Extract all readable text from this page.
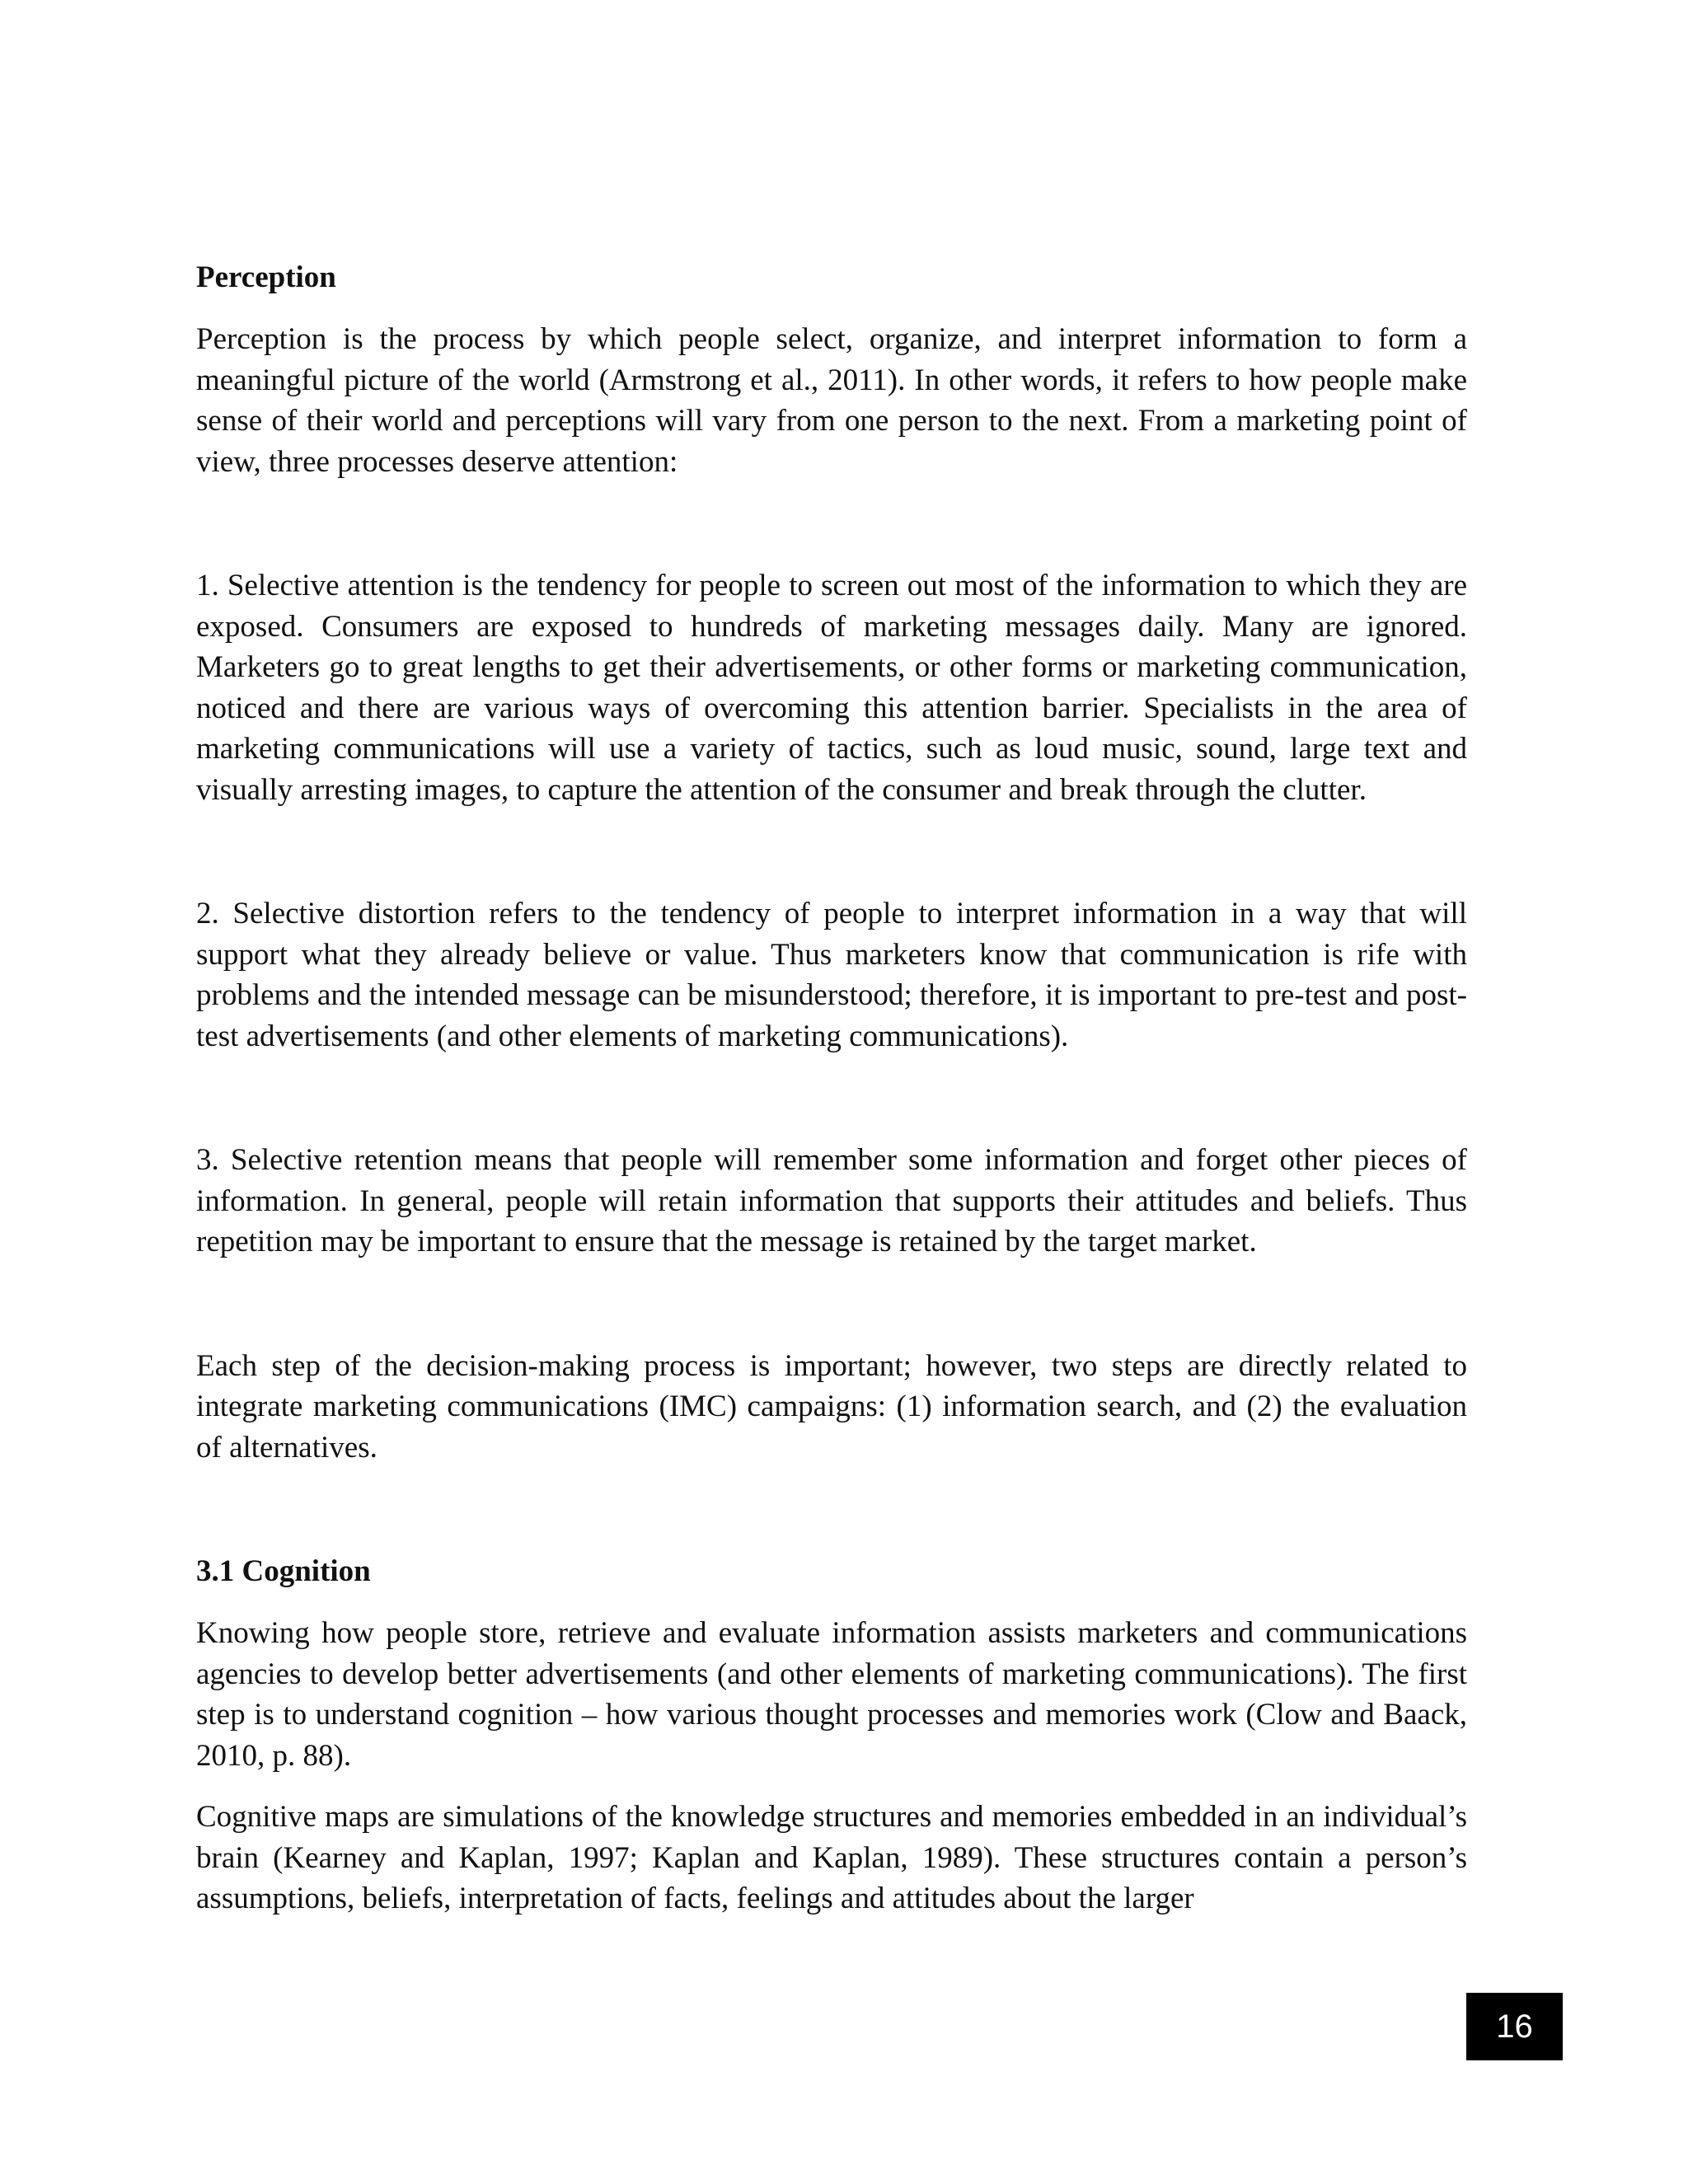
Perception

Perception is the process by which people select, organize, and interpret information to form a meaningful picture of the world (Armstrong et al., 2011). In other words, it refers to how people make sense of their world and perceptions will vary from one person to the next. From a marketing point of view, three processes deserve attention:

1. Selective attention is the tendency for people to screen out most of the information to which they are exposed. Consumers are exposed to hundreds of marketing messages daily. Many are ignored. Marketers go to great lengths to get their advertisements, or other forms or marketing communication, noticed and there are various ways of overcoming this attention barrier. Specialists in the area of marketing communications will use a variety of tactics, such as loud music, sound, large text and visually arresting images, to capture the attention of the consumer and break through the clutter.

2. Selective distortion refers to the tendency of people to interpret information in a way that will support what they already believe or value. Thus marketers know that communication is rife with problems and the intended message can be misunderstood; therefore, it is important to pre-test and post-test advertisements (and other elements of marketing communications).

3. Selective retention means that people will remember some information and forget other pieces of information. In general, people will retain information that supports their attitudes and beliefs. Thus repetition may be important to ensure that the message is retained by the target market.

Each step of the decision-making process is important; however, two steps are directly related to integrate marketing communications (IMC) campaigns: (1) information search, and (2) the evaluation of alternatives.

3.1 Cognition

Knowing how people store, retrieve and evaluate information assists marketers and communications agencies to develop better advertisements (and other elements of marketing communications). The first step is to understand cognition – how various thought processes and memories work (Clow and Baack, 2010, p. 88).

Cognitive maps are simulations of the knowledge structures and memories embedded in an individual’s brain (Kearney and Kaplan, 1997; Kaplan and Kaplan, 1989). These structures contain a person’s assumptions, beliefs, interpretation of facts, feelings and attitudes about the larger

16
